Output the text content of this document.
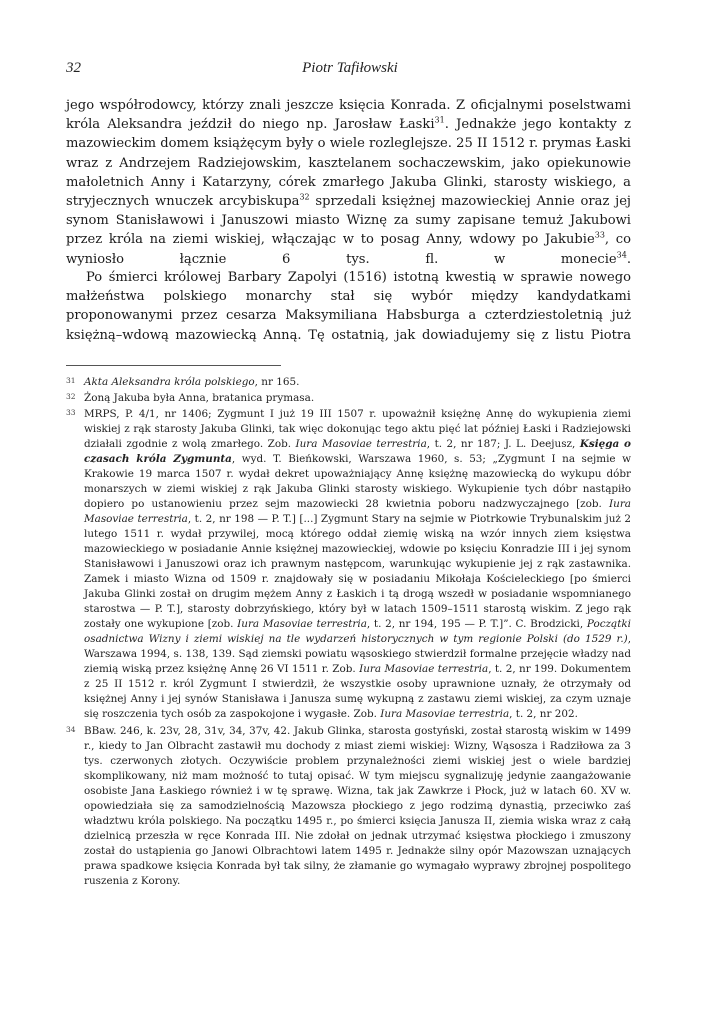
32	Piotr Tafiłowski

jego współrodowcy, którzy znali jeszcze księcia Konrada. Z oficjalnymi poselstwami króla Aleksandra jeździł do niego np. Jarosław Łaski$^{31}$. Jednakże jego kontakty z mazowieckim domem książęcym były o wiele rozleglejsze. 25 II 1512 r. prymas Łaski wraz z Andrzejem Radziejowskim, kasztelanem sochaczewskim, jako opiekunowie małoletnich Anny i Katarzyny, córek zmarłego Jakuba Glinki, starosty wiskiego, a stryjecznych wnuczek arcybiskupa$^{32}$ sprzedali księżnej mazowieckiej Annie oraz jej synom Stanisławowi i Januszowi miasto Wiznę za sumy zapisane temuż Jakubowi przez króla na ziemi wiskiej, włączając w to posag Anny, wdowy po Jakubie$^{33}$, co wyniosło łącznie 6 tys. fl. w monecie$^{34}$.

Po śmierci królowej Barbary Zapolyi (1516) istotną kwestią w sprawie nowego małżeństwa polskiego monarchy stał się wybór między kandydatkami proponowanymi przez cesarza Maksymiliana Habsburga a czterdziestoletnią już księżną–wdową mazowiecką Anną. Tę ostatnią, jak dowiadujemy się z listu Piotra

31 Akta Aleksandra króla polskiego, nr 165.

32 Żoną Jakuba była Anna, bratanica prymasa.

33 MRPS, P. 4/1, nr 1406; Zygmunt I już 19 III 1507 r. upoważnił księżnę Annę do wykupienia ziemi wiskiej z rąk starosty Jakuba Glinki, tak więc dokonując tego aktu pięć lat później Łaski i Radziejowski działali zgodnie z wolą zmarłego. Zob. Iura Masoviae terrestria, t. 2, nr 187; J. L. Deejusz, Księga o czasach króla Zygmunta, wyd. T. Bieńkowski, Warszawa 1960, s. 53; „Zygmunt I na sejmie w Krakowie 19 marca 1507 r. wydał dekret upoważniający Annę księżnę mazowiecką do wykupu dóbr monarszych w ziemi wiskiej z rąk Jakuba Glinki starosty wiskiego. Wykupienie tych dóbr nastąpiło dopiero po ustanowieniu przez sejm mazowiecki 28 kwietnia poboru nadzwyczajnego [zob. Iura Masoviae terrestria, t. 2, nr 198 — P. T.] [...] Zygmunt Stary na sejmie w Piotrkowie Trybunalskim już 2 lutego 1511 r. wydał przywilej, mocą którego oddał ziemię wiską na wzór innych ziem księstwa mazowieckiego w posiadanie Annie księżnej mazowieckiej, wdowie po księciu Konradzie III i jej synom Stanisławowi i Januszowi oraz ich prawnym następcom, warunkując wykupienie jej z rąk zastawnika. Zamek i miasto Wizna od 1509 r. znajdowały się w posiadaniu Mikołaja Kościeleckiego [po śmierci Jakuba Glinki został on drugim mężem Anny z Łaskich i tą drogą wszedł w posiadanie wspomnianego starostwa — P. T.], starosty dobrzyńskiego, który był w latach 1509–1511 starostą wiskim. Z jego rąk zostały one wykupione [zob. Iura Masoviae terrestria, t. 2, nr 194, 195 — P. T.]”. C. Brodzicki, Początki osadnictwa Wizny i ziemi wiskiej na tle wydarzeń historycznych w tym regionie Polski (do 1529 r.), Warszawa 1994, s. 138, 139. Sąd ziemski powiatu wąsoskiego stwierdził formalne przejęcie władzy nad ziemią wiską przez księżnę Annę 26 VI 1511 r. Zob. Iura Masoviae terrestria, t. 2, nr 199. Dokumentem z 25 II 1512 r. król Zygmunt I stwierdził, że wszystkie osoby uprawnione uznały, że otrzymały od księżnej Anny i jej synów Stanisława i Janusza sumę wykupną z zastawu ziemi wiskiej, za czym uznaje się roszczenia tych osób za zaspokojone i wygasłe. Zob. Iura Masoviae terrestria, t. 2, nr 202.

34 BBaw. 246, k. 23v, 28, 31v, 34, 37v, 42. Jakub Glinka, starosta gostyński, został starostą wiskim w 1499 r., kiedy to Jan Olbracht zastawił mu dochody z miast ziemi wiskiej: Wizny, Wąsosza i Radziłowa za 3 tys. czerwonych złotych. Oczywiście problem przynależności ziemi wiskiej jest o wiele bardziej skomplikowany, niż mam możność to tutaj opisać. W tym miejscu sygnalizuję jedynie zaangażowanie osobiste Jana Łaskiego również i w tę sprawę. Wizna, tak jak Zawkrze i Płock, już w latach 60. XV w. opowiedziała się za samodzielnością Mazowsza płockiego z jego rodzimą dynastią, przeciwko zaś władztwu króla polskiego. Na początku 1495 r., po śmierci księcia Janusza II, ziemia wiska wraz z całą dzielnicą przeszła w ręce Konrada III. Nie zdołał on jednak utrzymać księstwa płockiego i zmuszony został do ustąpienia go Janowi Olbrachtowi latem 1495 r. Jednakże silny opór Mazowszan uznających prawa spadkowe księcia Konrada był tak silny, że złamanie go wymagało wyprawy zbrojnej pospolitego ruszenia z Korony.
